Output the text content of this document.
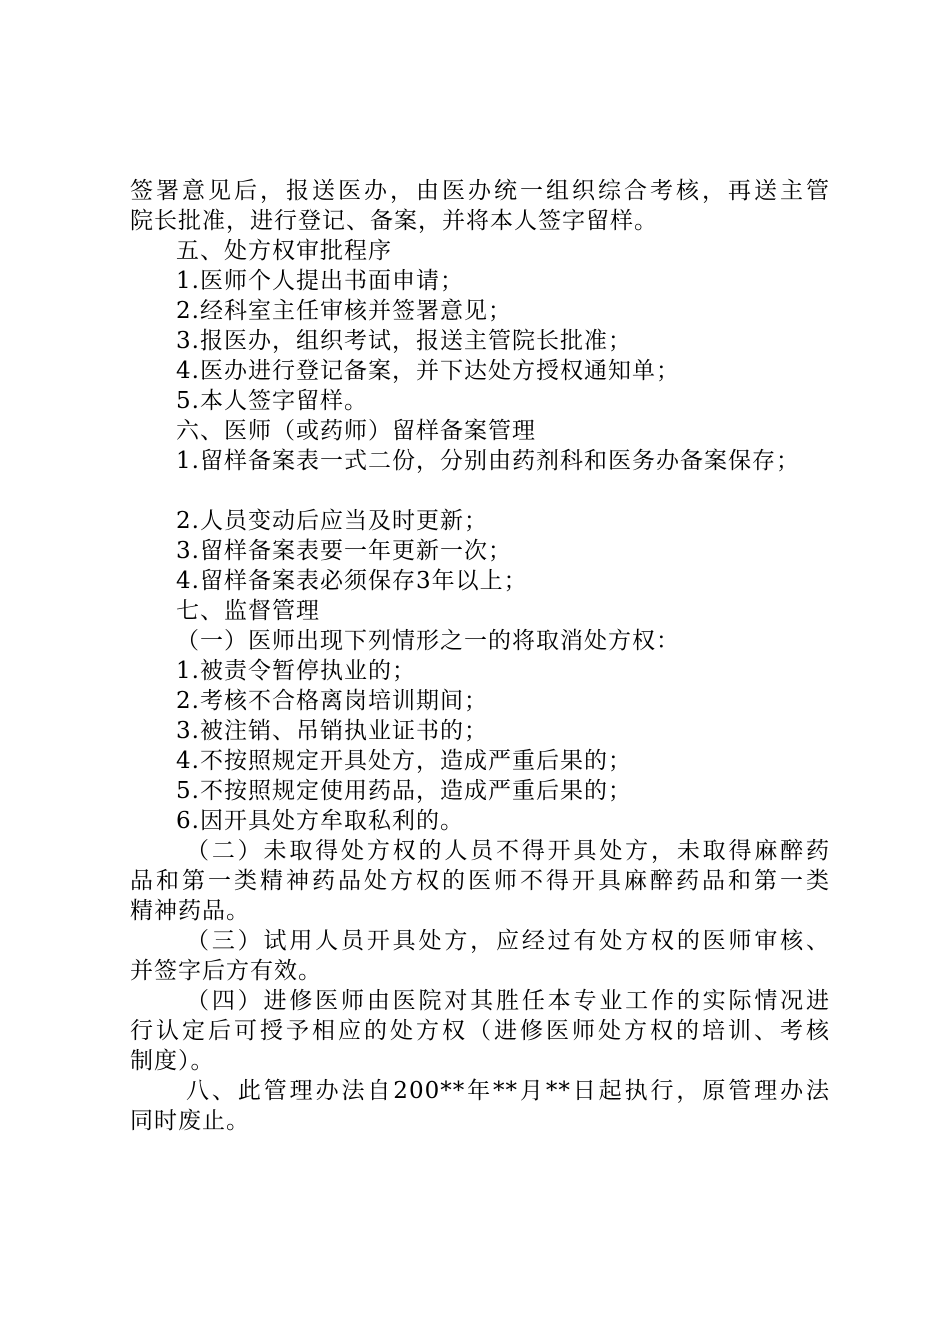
签署意见后，报送医办，由医办统一组织综合考核，再送主管
院长批准，进行登记、备案，并将本人签字留样。
五、处方权审批程序
1.医师个人提出书面申请；
2.经科室主任审核并签署意见；
3.报医办，组织考试，报送主管院长批准；
4.医办进行登记备案，并下达处方授权通知单；
5.本人签字留样。
六、医师（或药师）留样备案管理
1.留样备案表一式二份，分别由药剂科和医务办备案保存；
2.人员变动后应当及时更新；
3.留样备案表要一年更新一次；
4.留样备案表必须保存3年以上；
七、监督管理
（一）医师出现下列情形之一的将取消处方权：
1.被责令暂停执业的；
2.考核不合格离岗培训期间；
3.被注销、吊销执业证书的；
4.不按照规定开具处方，造成严重后果的；
5.不按照规定使用药品，造成严重后果的；
6.因开具处方牟取私利的。
（二）未取得处方权的人员不得开具处方，未取得麻醉药
品和第一类精神药品处方权的医师不得开具麻醉药品和第一类
精神药品。
（三）试用人员开具处方，应经过有处方权的医师审核、
并签字后方有效。
（四）进修医师由医院对其胜任本专业工作的实际情况进
行认定后可授予相应的处方权（进修医师处方权的培训、考核
制度）。
八、此管理办法自200**年**月**日起执行，原管理办法
同时废止。
